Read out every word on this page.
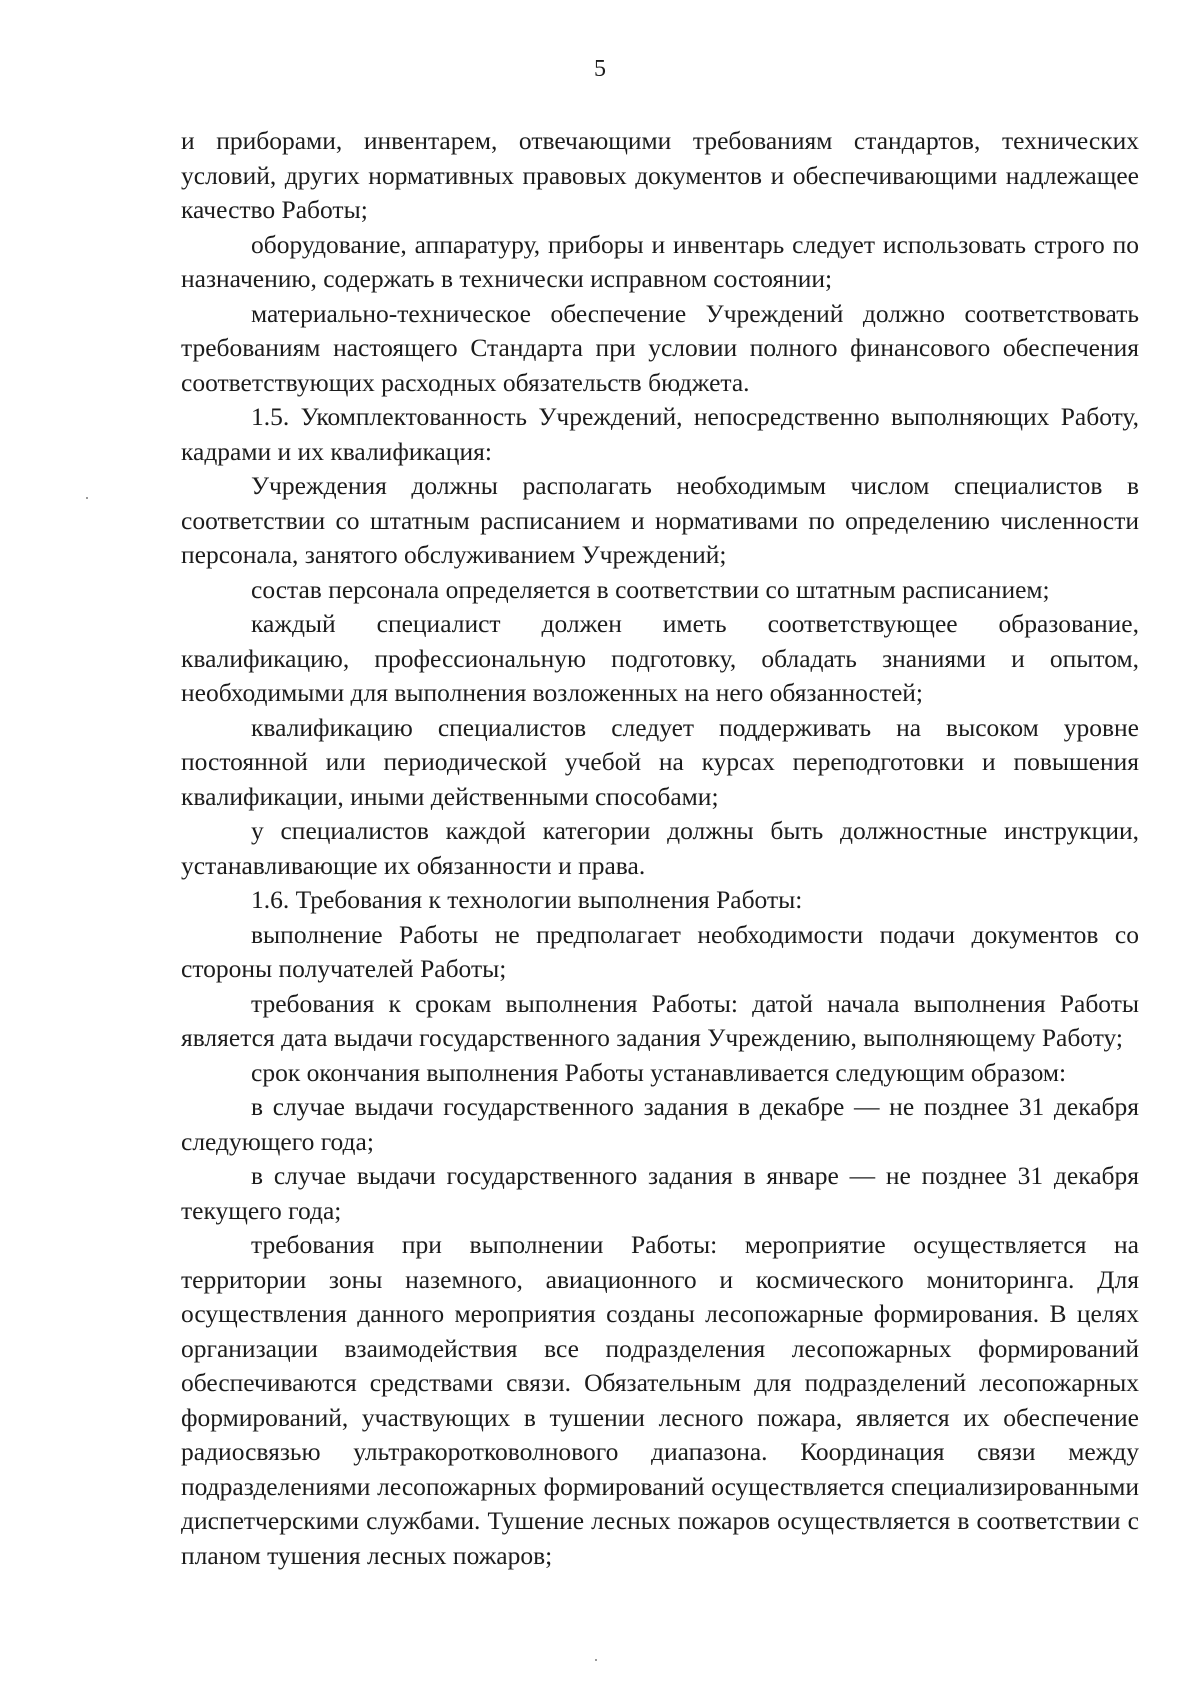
5

и приборами, инвентарем, отвечающими требованиям стандартов, технических условий, других нормативных правовых документов и обеспечивающими надлежащее качество Работы;

оборудование, аппаратуру, приборы и инвентарь следует использовать строго по назначению, содержать в технически исправном состоянии;

материально-техническое обеспечение Учреждений должно соответствовать требованиям настоящего Стандарта при условии полного финансового обеспечения соответствующих расходных обязательств бюджета.

1.5. Укомплектованность Учреждений, непосредственно выполняющих Работу, кадрами и их квалификация:

Учреждения должны располагать необходимым числом специалистов в соответствии со штатным расписанием и нормативами по определению численности персонала, занятого обслуживанием Учреждений;

состав персонала определяется в соответствии со штатным расписанием;

каждый специалист должен иметь соответствующее образование, квалификацию, профессиональную подготовку, обладать знаниями и опытом, необходимыми для выполнения возложенных на него обязанностей;

квалификацию специалистов следует поддерживать на высоком уровне постоянной или периодической учебой на курсах переподготовки и повышения квалификации, иными действенными способами;

у специалистов каждой категории должны быть должностные инструкции, устанавливающие их обязанности и права.

1.6. Требования к технологии выполнения Работы:

выполнение Работы не предполагает необходимости подачи документов со стороны получателей Работы;

требования к срокам выполнения Работы: датой начала выполнения Работы является дата выдачи государственного задания Учреждению, выполняющему Работу;

срок окончания выполнения Работы устанавливается следующим образом:

в случае выдачи государственного задания в декабре — не позднее 31 декабря следующего года;

в случае выдачи государственного задания в январе — не позднее 31 декабря текущего года;

требования при выполнении Работы: мероприятие осуществляется на территории зоны наземного, авиационного и космического мониторинга. Для осуществления данного мероприятия созданы лесопожарные формирования. В целях организации взаимодействия все подразделения лесопожарных формирований обеспечиваются средствами связи. Обязательным для подразделений лесопожарных формирований, участвующих в тушении лесного пожара, является их обеспечение радиосвязью ультракоротковолнового диапазона. Координация связи между подразделениями лесопожарных формирований осуществляется специализированными диспетчерскими службами. Тушение лесных пожаров осуществляется в соответствии с планом тушения лесных пожаров;
